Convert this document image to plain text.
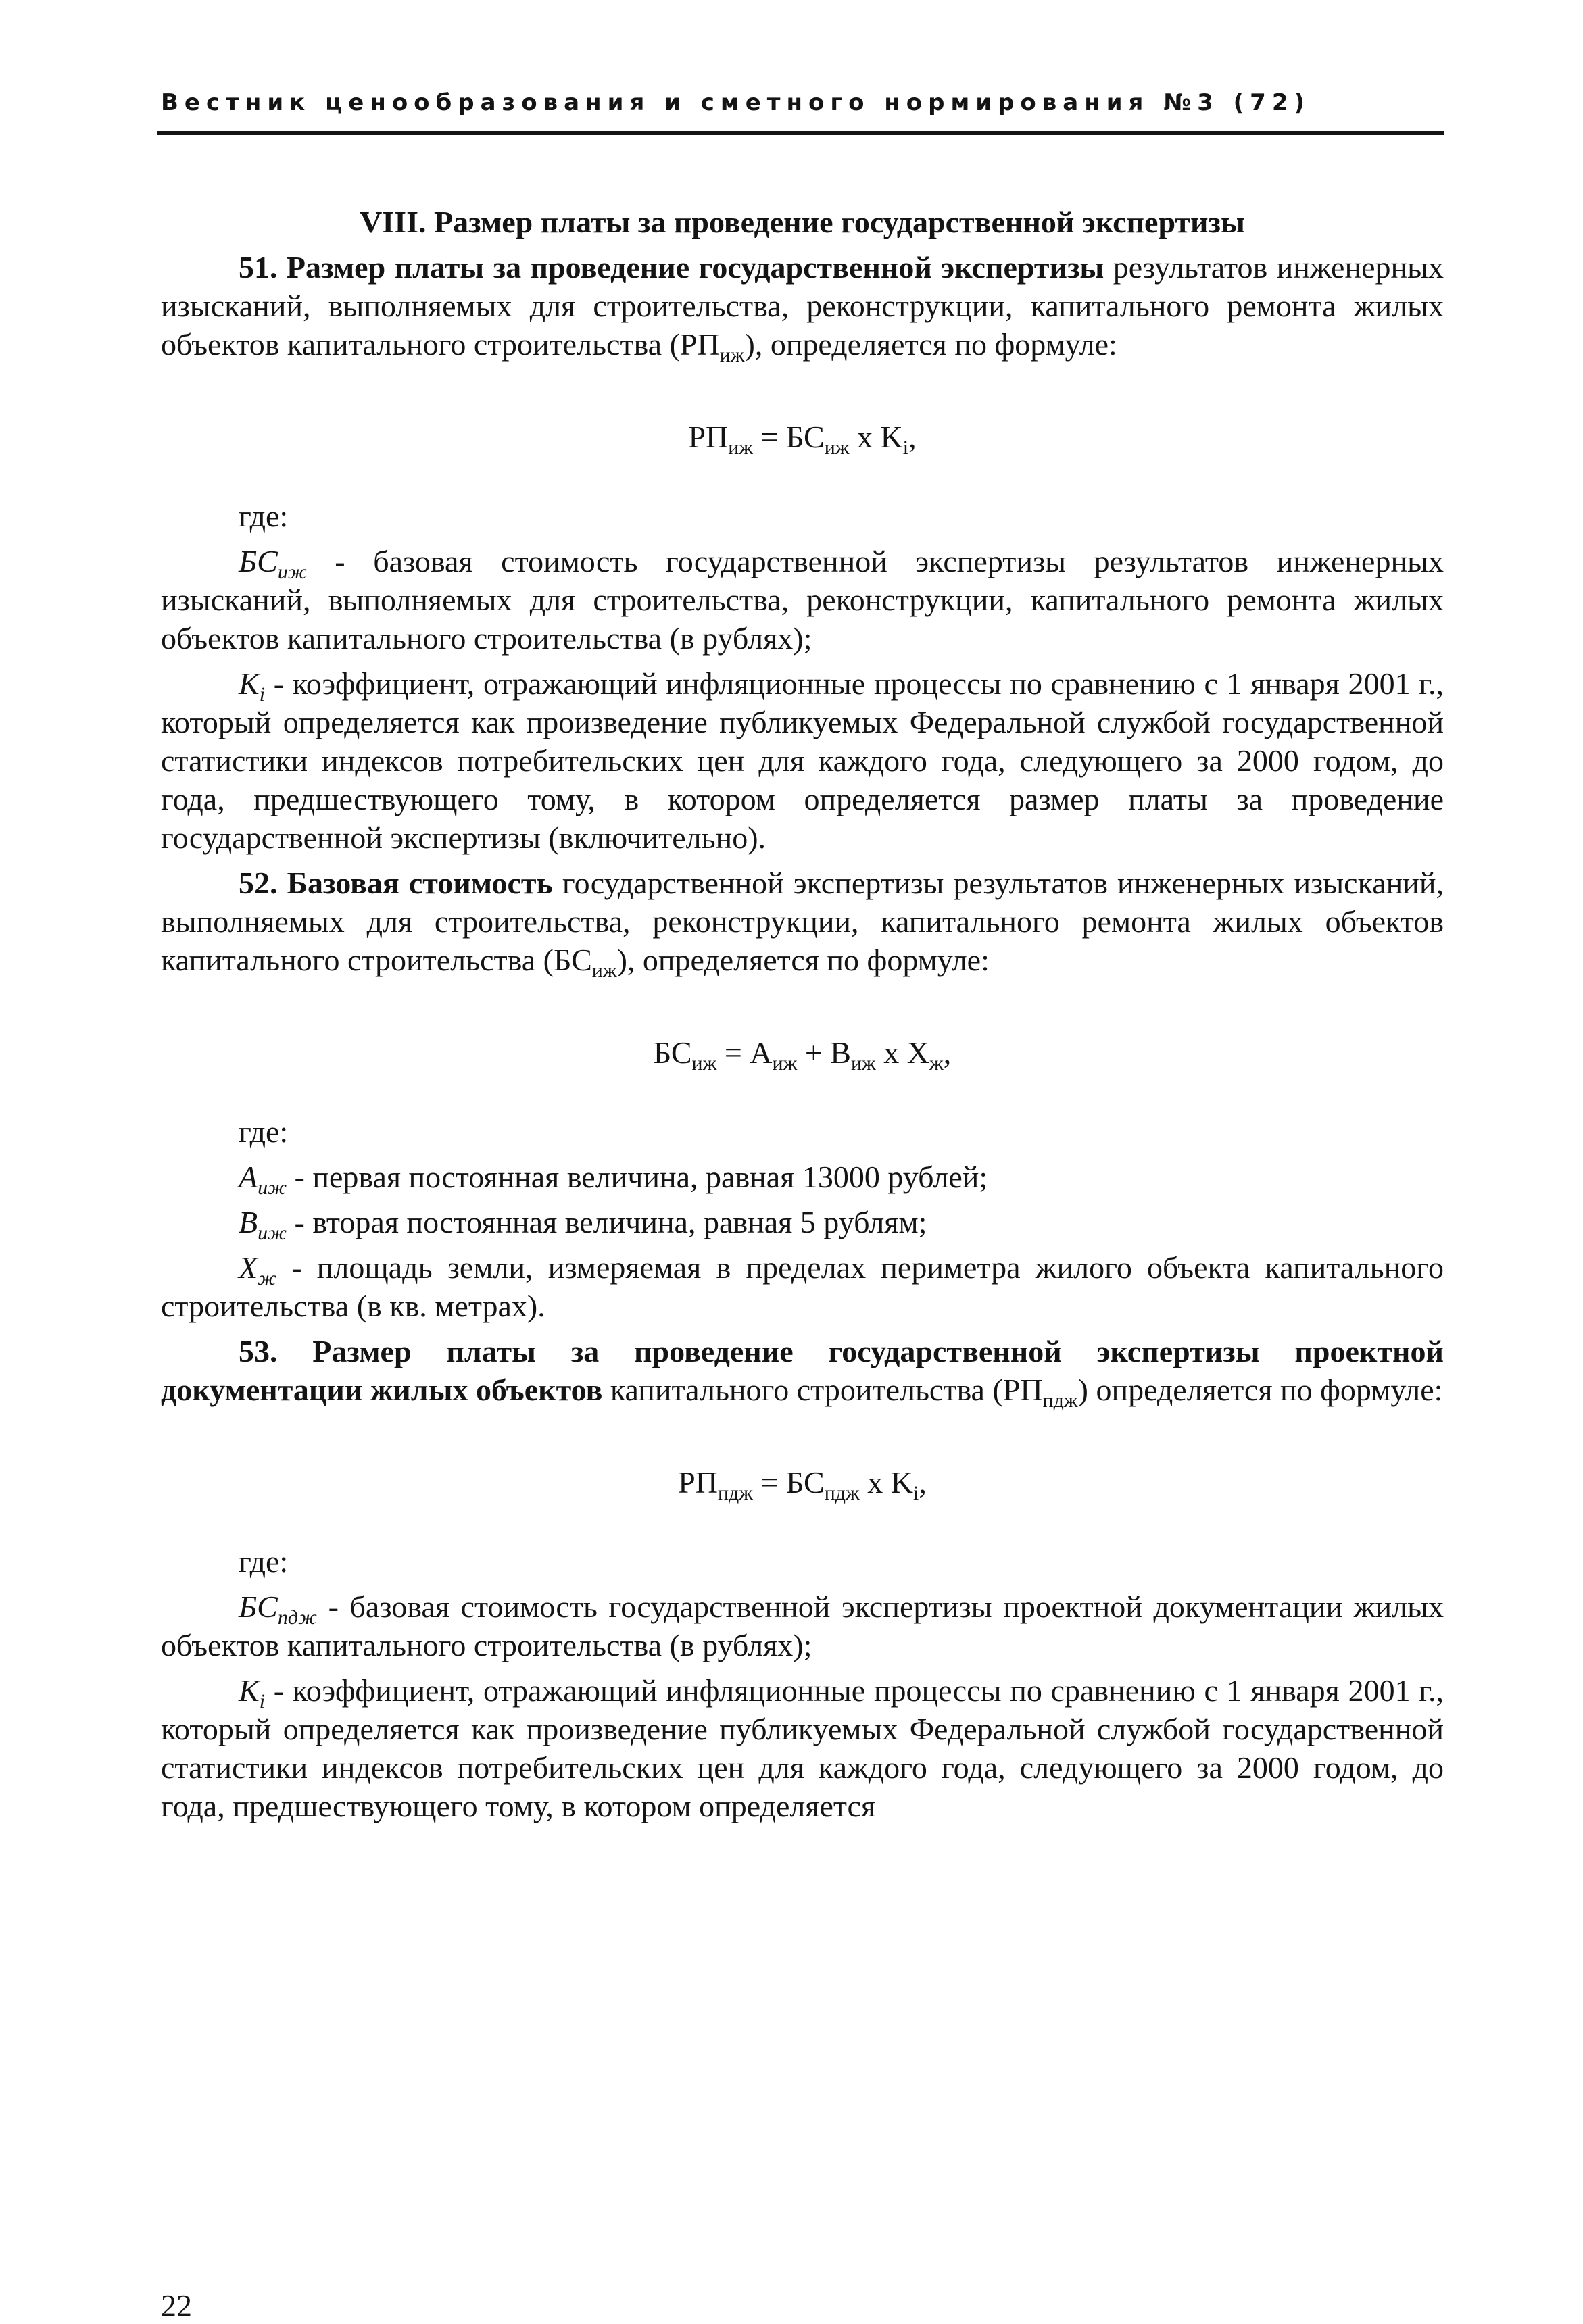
Вестник ценообразования и сметного нормирования №3 (72)

VIII. Размер платы за проведение государственной экспертизы

51. Размер платы за проведение государственной экспертизы результатов инженерных изысканий, выполняемых для строительства, реконструкции, капитального ремонта жилых объектов капитального строительства $(РП_{иж})$, определяется по формуле:

$РП_{иж} = БС_{иж}$ x $K_i$,

где:

$БС_{иж}$ - базовая стоимость государственной экспертизы результатов инженерных изысканий, выполняемых для строительства, реконструкции, капитального ремонта жилых объектов капитального строительства (в рублях);

$K_i$ - коэффициент, отражающий инфляционные процессы по сравнению с 1 января 2001 г., который определяется как произведение публикуемых Федеральной службой государственной статистики индексов потребительских цен для каждого года, следующего за 2000 годом, до года, предшествующего тому, в котором определяется размер платы за проведение государственной экспертизы (включительно).

52. Базовая стоимость государственной экспертизы результатов инженерных изысканий, выполняемых для строительства, реконструкции, капитального ремонта жилых объектов капитального строительства $(БС_{иж})$, определяется по формуле:

$БС_{иж} = А_{иж} + В_{иж}$ x $Х_ж$,

где:

$А_{иж}$ - первая постоянная величина, равная 13000 рублей;

$В_{иж}$ - вторая постоянная величина, равная 5 рублям;

$Х_ж$ - площадь земли, измеряемая в пределах периметра жилого объекта капитального строительства (в кв. метрах).

53. Размер платы за проведение государственной экспертизы проектной документации жилых объектов капитального строительства $(РП_{пдж})$ определяется по формуле:

$РП_{пдж} = БС_{пдж}$ x $K_i$,

где:

$БС_{пдж}$ - базовая стоимость государственной экспертизы проектной документации жилых объектов капитального строительства (в рублях);

$K_i$ - коэффициент, отражающий инфляционные процессы по сравнению с 1 января 2001 г., который определяется как произведение публикуемых Федеральной службой государственной статистики индексов потребительских цен для каждого года, следующего за 2000 годом, до года, предшествующего тому, в котором определяется

22
